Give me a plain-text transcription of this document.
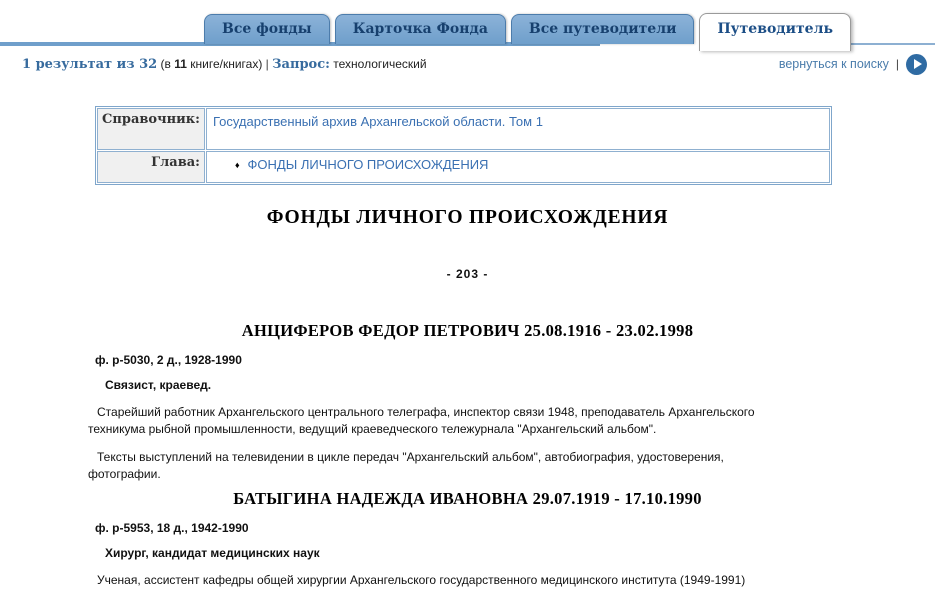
Все фонды	Карточка Фонда	Все путеводители	Путеводитель
1 результат из 32 (в 11 книге/книгах) | Запрос: технологический	вернуться к поиску |
Справочник:	Государственный архив Архангельской области. Том 1
Глава:	♦ ФОНДЫ ЛИЧНОГО ПРОИСХОЖДЕНИЯ
ФОНДЫ ЛИЧНОГО ПРОИСХОЖДЕНИЯ
- 203 -
АНЦИФЕРОВ ФЕДОР ПЕТРОВИЧ 25.08.1916 - 23.02.1998
ф. р-5030, 2 д., 1928-1990
Связист, краевед.
Старейший работник Архангельского центрального телеграфа, инспектор связи 1948, преподаватель Архангельского техникума рыбной промышленности, ведущий краеведческого тележурнала "Архангельский альбом".
Тексты выступлений на телевидении в цикле передач "Архангельский альбом", автобиография, удостоверения, фотографии.
БАТЫГИНА НАДЕЖДА ИВАНОВНА 29.07.1919 - 17.10.1990
ф. р-5953, 18 д., 1942-1990
Хирург, кандидат медицинских наук
Ученая, ассистент кафедры общей хирургии Архангельского государственного медицинского института (1949-1991)
